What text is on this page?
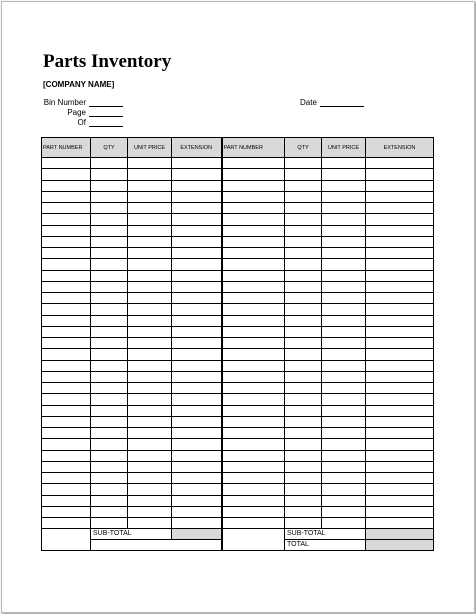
Parts Inventory
[COMPANY NAME]
Bin Number
Page
Of
Date
PART NUMBER	QTY	UNIT PRICE	EXTENSION	PART NUMBER	QTY	UNIT PRICE	EXTENSION

	SUB-TOTAL				SUB-TOTAL		
					TOTAL		
